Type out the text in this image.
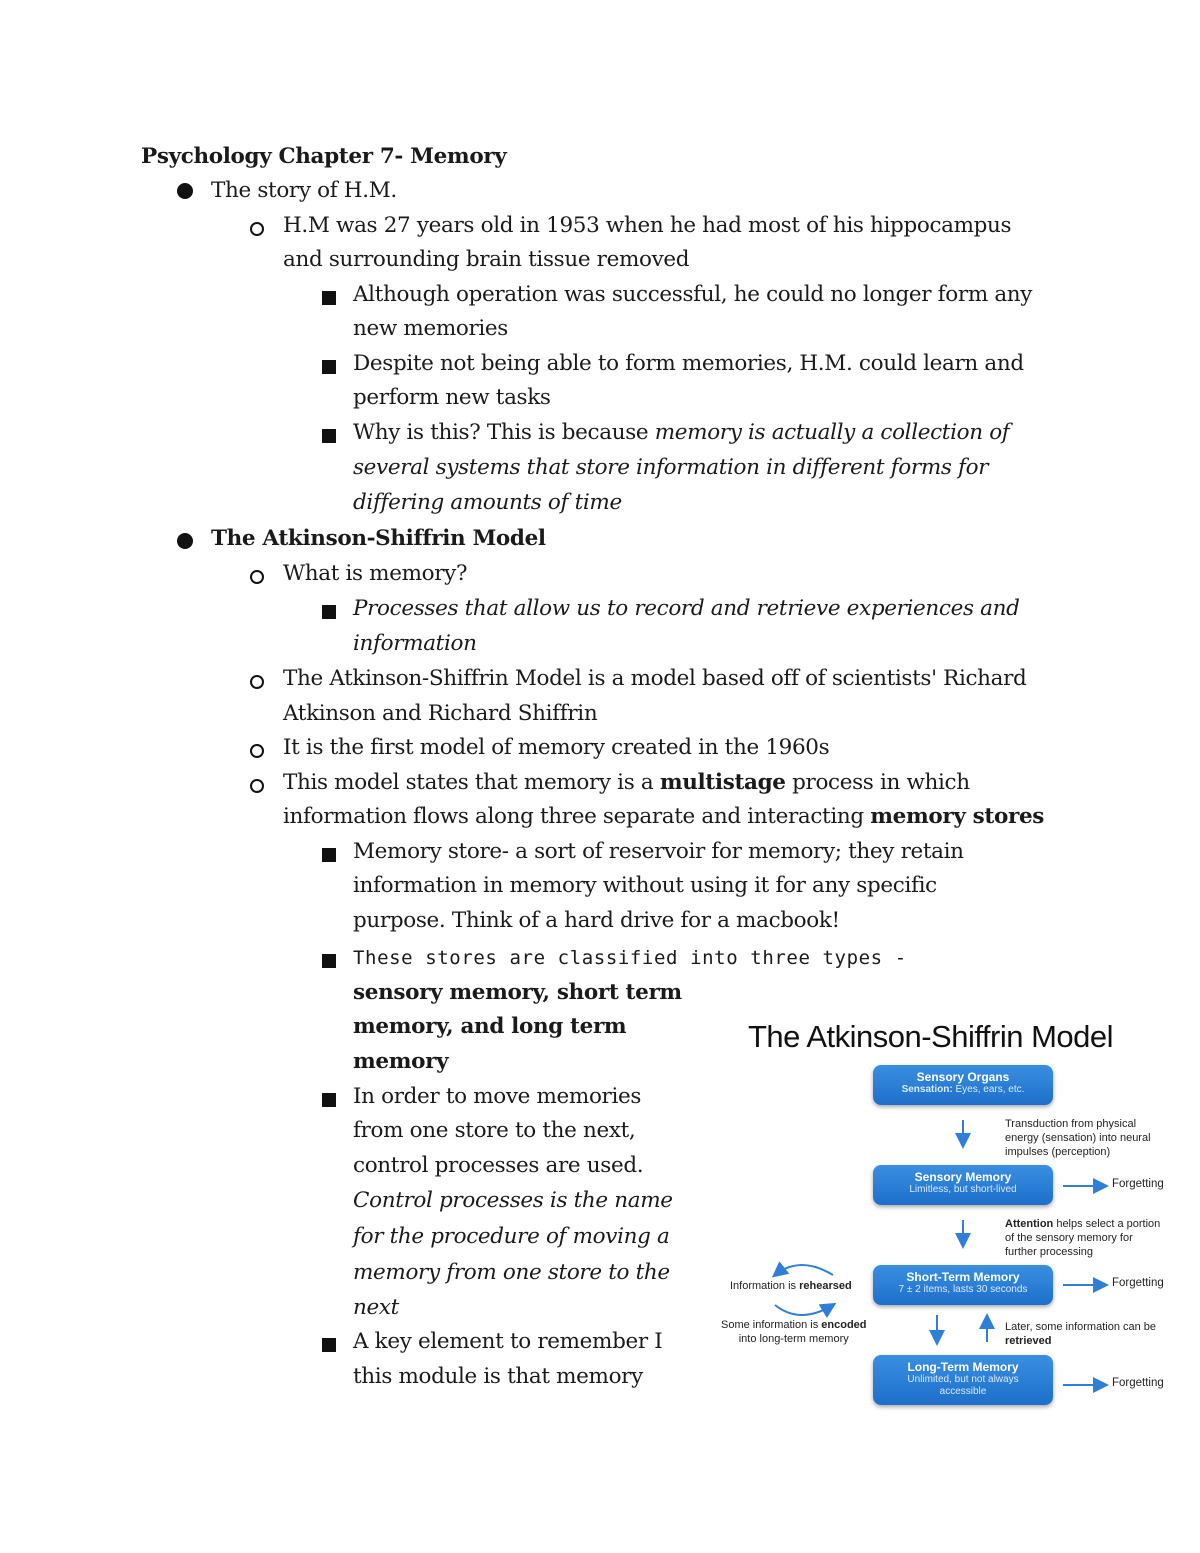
Psychology Chapter 7- Memory
The story of H.M.
H.M was 27 years old in 1953 when he had most of his hippocampus
and surrounding brain tissue removed
Although operation was successful, he could no longer form any
new memories
Despite not being able to form memories, H.M. could learn and
perform new tasks
Why is this? This is because memory is actually a collection of
several systems that store information in different forms for
differing amounts of time
The Atkinson-Shiffrin Model
What is memory?
Processes that allow us to record and retrieve experiences and
information
The Atkinson-Shiffrin Model is a model based off of scientists' Richard
Atkinson and Richard Shiffrin
It is the first model of memory created in the 1960s
This model states that memory is a multistage process in which
information flows along three separate and interacting memory stores
Memory store- a sort of reservoir for memory; they retain
information in memory without using it for any specific
purpose. Think of a hard drive for a macbook!
These stores are classified into three types -
sensory memory, short term
memory, and long term
memory
In order to move memories
from one store to the next,
control processes are used.
Control processes is the name
for the procedure of moving a
memory from one store to the
next
A key element to remember I
this module is that memory
The Atkinson-Shiffrin Model
Sensory Organs
Sensation: Eyes, ears, etc.
Sensory Memory
Limitless, but short-lived
Short-Term Memory
7 ± 2 items, lasts 30 seconds
Long-Term Memory
Unlimited, but not always
accessible
Transduction from physical
energy (sensation) into neural
impulses (perception)
Attention helps select a portion
of the sensory memory for
further processing
Information is rehearsed
Some information is encoded
into long-term memory
Later, some information can be
retrieved
Forgetting
Forgetting
Forgetting
